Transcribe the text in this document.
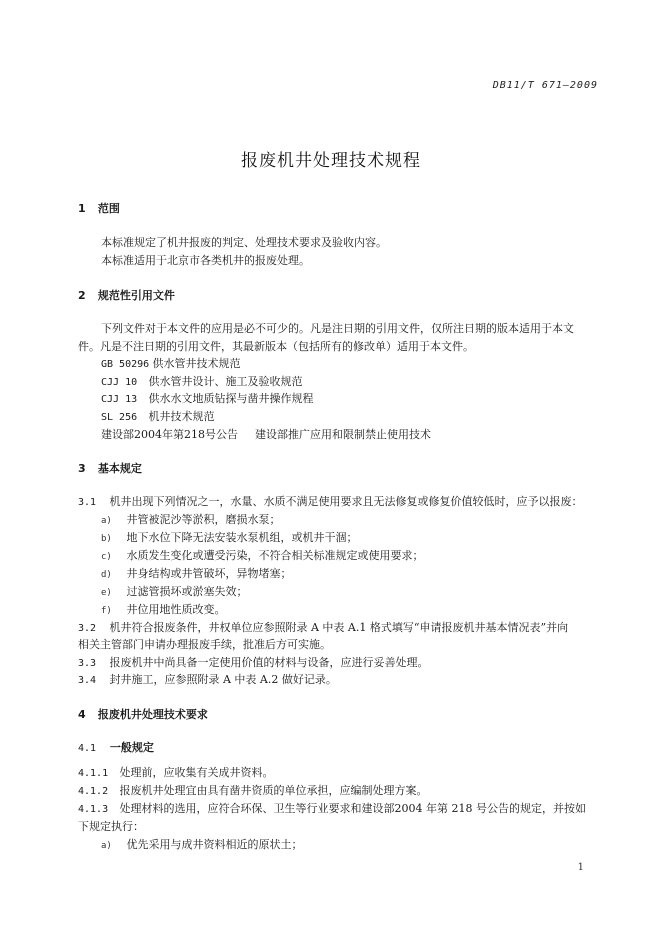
DB11/T 671—2009
报废机井处理技术规程
1 范围
本标准规定了机井报废的判定、处理技术要求及验收内容。
本标准适用于北京市各类机井的报废处理。
2 规范性引用文件
下列文件对于本文件的应用是必不可少的。凡是注日期的引用文件，仅所注日期的版本适用于本文
件。凡是不注日期的引用文件，其最新版本（包括所有的修改单）适用于本文件。
GB 50296 供水管井技术规范
CJJ 10 供水管井设计、施工及验收规范
CJJ 13 供水水文地质钻探与凿井操作规程
SL 256 机井技术规范
建设部2004年第218号公告 建设部推广应用和限制禁止使用技术
3 基本规定
3.1 机井出现下列情况之一，水量、水质不满足使用要求且无法修复或修复价值较低时，应予以报废：
a) 井管被泥沙等淤积，磨损水泵；
b) 地下水位下降无法安装水泵机组，或机井干涸；
c) 水质发生变化或遭受污染，不符合相关标准规定或使用要求；
d) 井身结构或井管破坏，异物堵塞；
e) 过滤管损坏或淤塞失效；
f) 井位用地性质改变。
3.2 机井符合报废条件，井权单位应参照附录 A 中表 A.1 格式填写“申请报废机井基本情况表”并向
相关主管部门申请办理报废手续，批准后方可实施。
3.3 报废机井中尚具备一定使用价值的材料与设备，应进行妥善处理。
3.4 封井施工，应参照附录 A 中表 A.2 做好记录。
4 报废机井处理技术要求
4.1 一般规定
4.1.1 处理前，应收集有关成井资料。
4.1.2 报废机井处理宜由具有凿井资质的单位承担，应编制处理方案。
4.1.3 处理材料的选用，应符合环保、卫生等行业要求和建设部2004 年第 218 号公告的规定，并按如
下规定执行：
a) 优先采用与成井资料相近的原状土；
1
